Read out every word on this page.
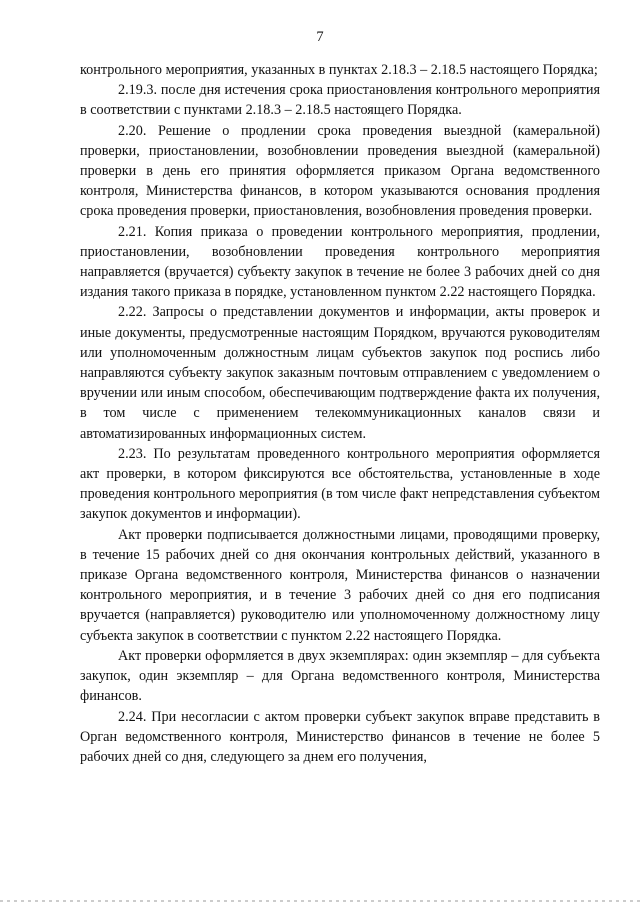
7

контрольного мероприятия, указанных в пунктах 2.18.3 – 2.18.5 настоящего Порядка;

2.19.3. после дня истечения срока приостановления контрольного мероприятия в соответствии с пунктами 2.18.3 – 2.18.5 настоящего Порядка.

2.20. Решение о продлении срока проведения выездной (камеральной) проверки, приостановлении, возобновлении проведения выездной (камеральной) проверки в день его принятия оформляется приказом Органа ведомственного контроля, Министерства финансов, в котором указываются основания продления срока проведения проверки, приостановления, возобновления проведения проверки.

2.21. Копия приказа о проведении контрольного мероприятия, продлении, приостановлении, возобновлении проведения контрольного мероприятия направляется (вручается) субъекту закупок в течение не более 3 рабочих дней со дня издания такого приказа в порядке, установленном пунктом 2.22 настоящего Порядка.

2.22. Запросы о представлении документов и информации, акты проверок и иные документы, предусмотренные настоящим Порядком, вручаются руководителям или уполномоченным должностным лицам субъектов закупок под роспись либо направляются субъекту закупок заказным почтовым отправлением с уведомлением о вручении или иным способом, обеспечивающим подтверждение факта их получения, в том числе с применением телекоммуникационных каналов связи и автоматизированных информационных систем.

2.23. По результатам проведенного контрольного мероприятия оформляется акт проверки, в котором фиксируются все обстоятельства, установленные в ходе проведения контрольного мероприятия (в том числе факт непредставления субъектом закупок документов и информации).

Акт проверки подписывается должностными лицами, проводящими проверку, в течение 15 рабочих дней со дня окончания контрольных действий, указанного в приказе Органа ведомственного контроля, Министерства финансов о назначении контрольного мероприятия, и в течение 3 рабочих дней со дня его подписания вручается (направляется) руководителю или уполномоченному должностному лицу субъекта закупок в соответствии с пунктом 2.22 настоящего Порядка.

Акт проверки оформляется в двух экземплярах: один экземпляр – для субъекта закупок, один экземпляр – для Органа ведомственного контроля, Министерства финансов.

2.24. При несогласии с актом проверки субъект закупок вправе представить в Орган ведомственного контроля, Министерство финансов в течение не более 5 рабочих дней со дня, следующего за днем его получения,
